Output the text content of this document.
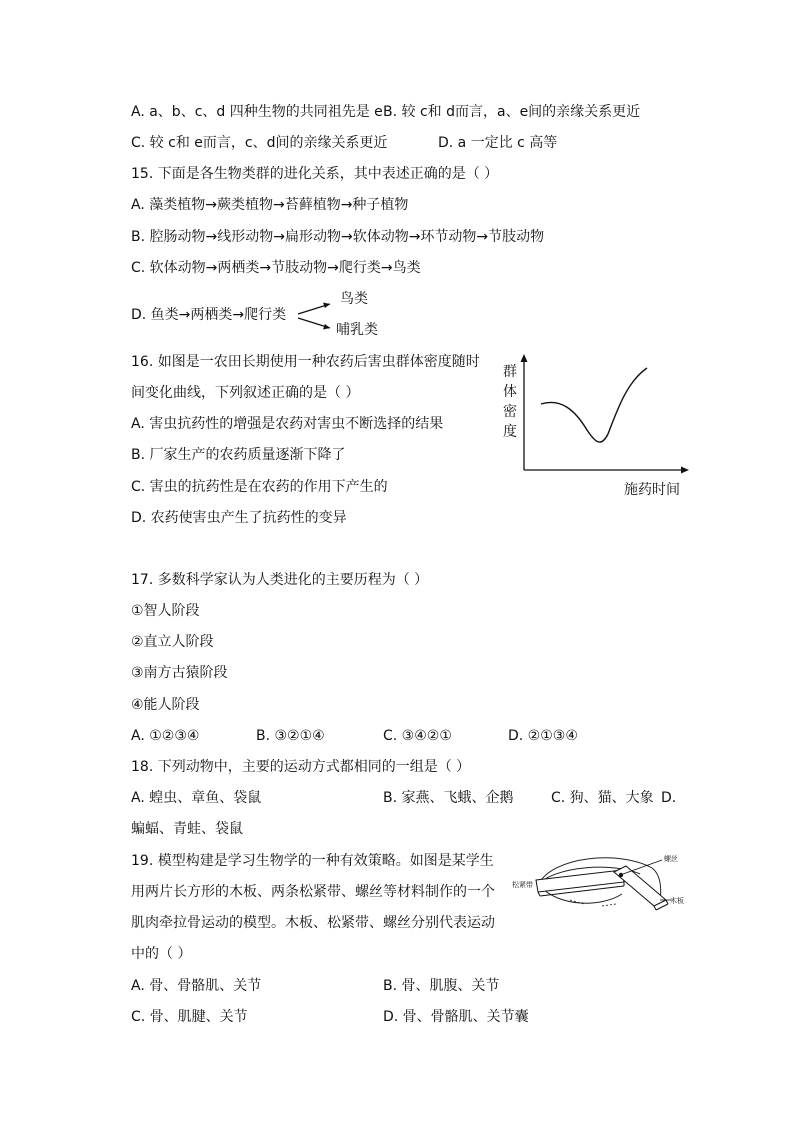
A. a、b、c、d 四种生物的共同祖先是 e B. 较 c和 d而言，a、e间的亲缘关系更近
C. 较 c和 e而言，c、d间的亲缘关系更近	D. a 一定比 c 高等
15. 下面是各生物类群的进化关系，其中表述正确的是（ ）
A. 藻类植物→蕨类植物→苔藓植物→种子植物
B. 腔肠动物→线形动物→扁形动物→软体动物→环节动物→节肢动物
C. 软体动物→两栖类→节肢动物→爬行类→鸟类
D. 鱼类→两栖类→爬行类
鸟类
哺乳类
16. 如图是一农田长期使用一种农药后害虫群体密度随时
间变化曲线，下列叙述正确的是（ ）
A. 害虫抗药性的增强是农药对害虫不断选择的结果
B. 厂家生产的农药质量逐渐下降了
C. 害虫的抗药性是在农药的作用下产生的
D. 农药使害虫产生了抗药性的变异
群
体
密
度
施药时间
17. 多数科学家认为人类进化的主要历程为（ ）
①智人阶段
②直立人阶段
③南方古猿阶段
④能人阶段
A. ①②③④	B. ③②①④	C. ③④②①	D. ②①③④
18. 下列动物中，主要的运动方式都相同的一组是（ ）
A. 蝗虫、章鱼、袋鼠	B. 家燕、飞蛾、企鹅	C. 狗、猫、大象 D.
蝙蝠、青蛙、袋鼠
19. 模型构建是学习生物学的一种有效策略。如图是某学生
用两片长方形的木板、两条松紧带、螺丝等材料制作的一个
肌肉牵拉骨运动的模型。木板、松紧带、螺丝分别代表运动
中的（ ）
A. 骨、骨骼肌、关节	B. 骨、肌腹、关节
C. 骨、肌腱、关节	D. 骨、骨骼肌、关节囊
螺丝
松紧带
木板
